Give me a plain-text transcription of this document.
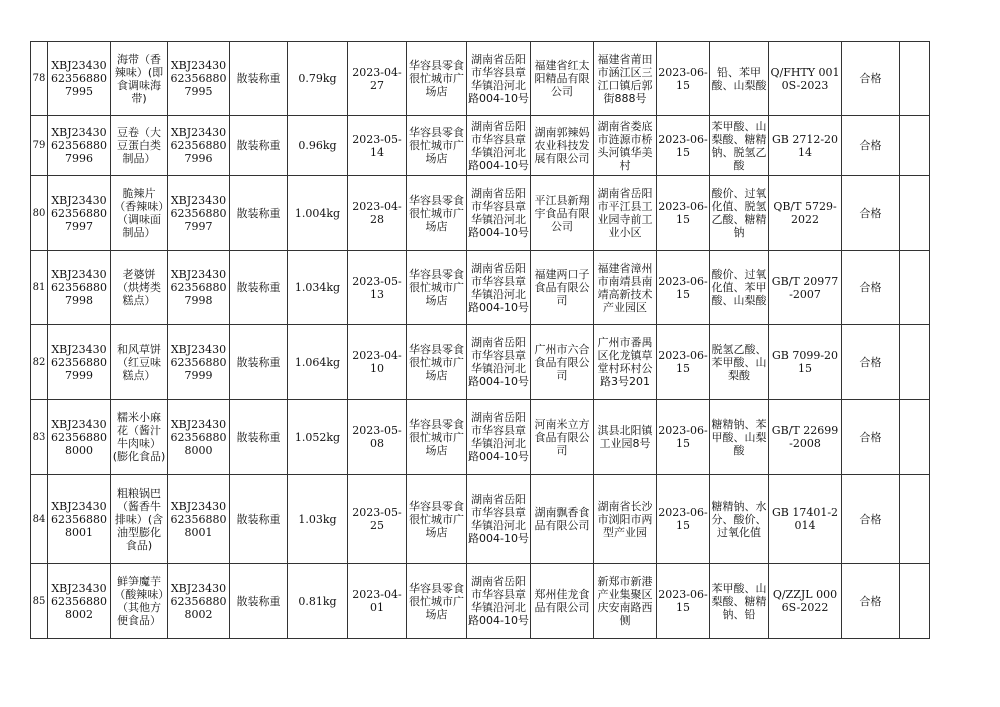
78	XBJ23430623568807995	海带（香辣味）(即食调味海带)	XBJ23430623568807995	散装称重	0.79kg	2023-04-27	华容县零食很忙城市广场店	湖南省岳阳市华容县章华镇沿河北路004-10号	福建省红太阳精品有限公司	福建省莆田市涵江区三江口镇后郭街888号	2023-06-15	铅、苯甲酸、山梨酸	Q/FHTY 0010S-2023	合格	
79	XBJ23430623568807996	豆卷（大豆蛋白类制品）	XBJ23430623568807996	散装称重	0.96kg	2023-05-14	华容县零食很忙城市广场店	湖南省岳阳市华容县章华镇沿河北路004-10号	湖南郭辣妈农业科技发展有限公司	湖南省娄底市涟源市桥头河镇华美村	2023-06-15	苯甲酸、山梨酸、糖精钠、脱氢乙酸	GB 2712-2014	合格	
80	XBJ23430623568807997	脆辣片（香辣味）（调味面制品）	XBJ23430623568807997	散装称重	1.004kg	2023-04-28	华容县零食很忙城市广场店	湖南省岳阳市华容县章华镇沿河北路004-10号	平江县新翔宇食品有限公司	湖南省岳阳市平江县工业园寺前工业小区	2023-06-15	酸价、过氧化值、脱氢乙酸、糖精钠	QB/T 5729-2022	合格	
81	XBJ23430623568807998	老婆饼（烘烤类糕点）	XBJ23430623568807998	散装称重	1.034kg	2023-05-13	华容县零食很忙城市广场店	湖南省岳阳市华容县章华镇沿河北路004-10号	福建两口子食品有限公司	福建省漳州市南靖县南靖高新技术产业园区	2023-06-15	酸价、过氧化值、苯甲酸、山梨酸	GB/T 20977-2007	合格	
82	XBJ23430623568807999	和风草饼（红豆味糕点）	XBJ23430623568807999	散装称重	1.064kg	2023-04-10	华容县零食很忙城市广场店	湖南省岳阳市华容县章华镇沿河北路004-10号	广州市六合食品有限公司	广州市番禺区化龙镇草堂村环村公路3号201	2023-06-15	脱氢乙酸、苯甲酸、山梨酸	GB 7099-2015	合格	
83	XBJ23430623568808000	糯米小麻花（酱汁牛肉味）(膨化食品)	XBJ23430623568808000	散装称重	1.052kg	2023-05-08	华容县零食很忙城市广场店	湖南省岳阳市华容县章华镇沿河北路004-10号	河南米立方食品有限公司	淇县北阳镇工业园8号	2023-06-15	糖精钠、苯甲酸、山梨酸	GB/T 22699-2008	合格	
84	XBJ23430623568808001	粗粮锅巴（酱香牛排味）(含油型膨化食品)	XBJ23430623568808001	散装称重	1.03kg	2023-05-25	华容县零食很忙城市广场店	湖南省岳阳市华容县章华镇沿河北路004-10号	湖南飘香食品有限公司	湖南省长沙市浏阳市两型产业园	2023-06-15	糖精钠、水分、酸价、过氧化值	GB 17401-2014	合格	
85	XBJ23430623568808002	鲜笋魔芋（酸辣味）（其他方便食品）	XBJ23430623568808002	散装称重	0.81kg	2023-04-01	华容县零食很忙城市广场店	湖南省岳阳市华容县章华镇沿河北路004-10号	郑州佳龙食品有限公司	新郑市新港产业集聚区庆安南路西侧	2023-06-15	苯甲酸、山梨酸、糖精钠、铅	Q/ZZJL 0006S-2022	合格	
